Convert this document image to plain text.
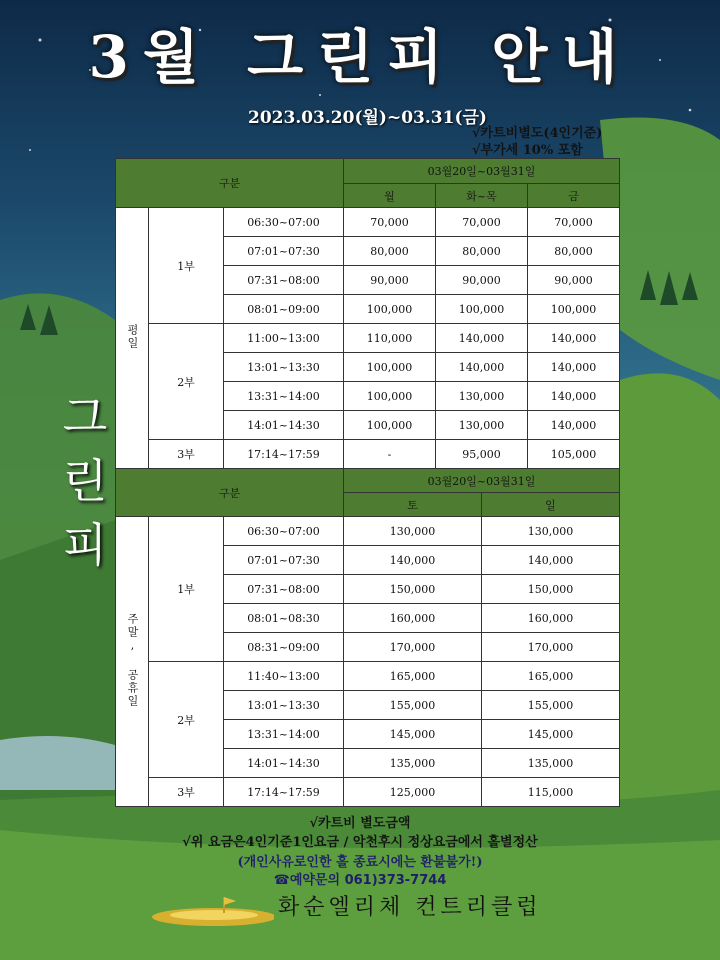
3월 그린피 안내
2023.03.20(월)~03.31(금)
√카트비별도(4인기준)
√부가세 10% 포함
그린피
구분			03월20일~03월31일		
			월	화~목	금
평일	1부	06:30~07:00	70,000	70,000	70,000
		07:01~07:30	80,000	80,000	80,000
		07:31~08:00	90,000	90,000	90,000
		08:01~09:00	100,000	100,000	100,000
	2부	11:00~13:00	110,000	140,000	140,000
		13:01~13:30	100,000	140,000	140,000
		13:31~14:00	100,000	130,000	140,000
		14:01~14:30	100,000	130,000	140,000
	3부	17:14~17:59	-	95,000	105,000
구분			03월20일~03월31일	
			토	일
주말, 공휴일	1부	06:30~07:00	130,000	130,000
		07:01~07:30	140,000	140,000
		07:31~08:00	150,000	150,000
		08:01~08:30	160,000	160,000
		08:31~09:00	170,000	170,000
	2부	11:40~13:00	165,000	165,000
		13:01~13:30	155,000	155,000
		13:31~14:00	145,000	145,000
		14:01~14:30	135,000	135,000
	3부	17:14~17:59	125,000	115,000
√카트비 별도금액
√위 요금은4인기준1인요금 / 악천후시 정상요금에서 홀별정산
(개인사유로인한 홀 종료시에는 환불불가!)
☎예약문의 061)373-7744
화순엘리체 컨트리클럽
